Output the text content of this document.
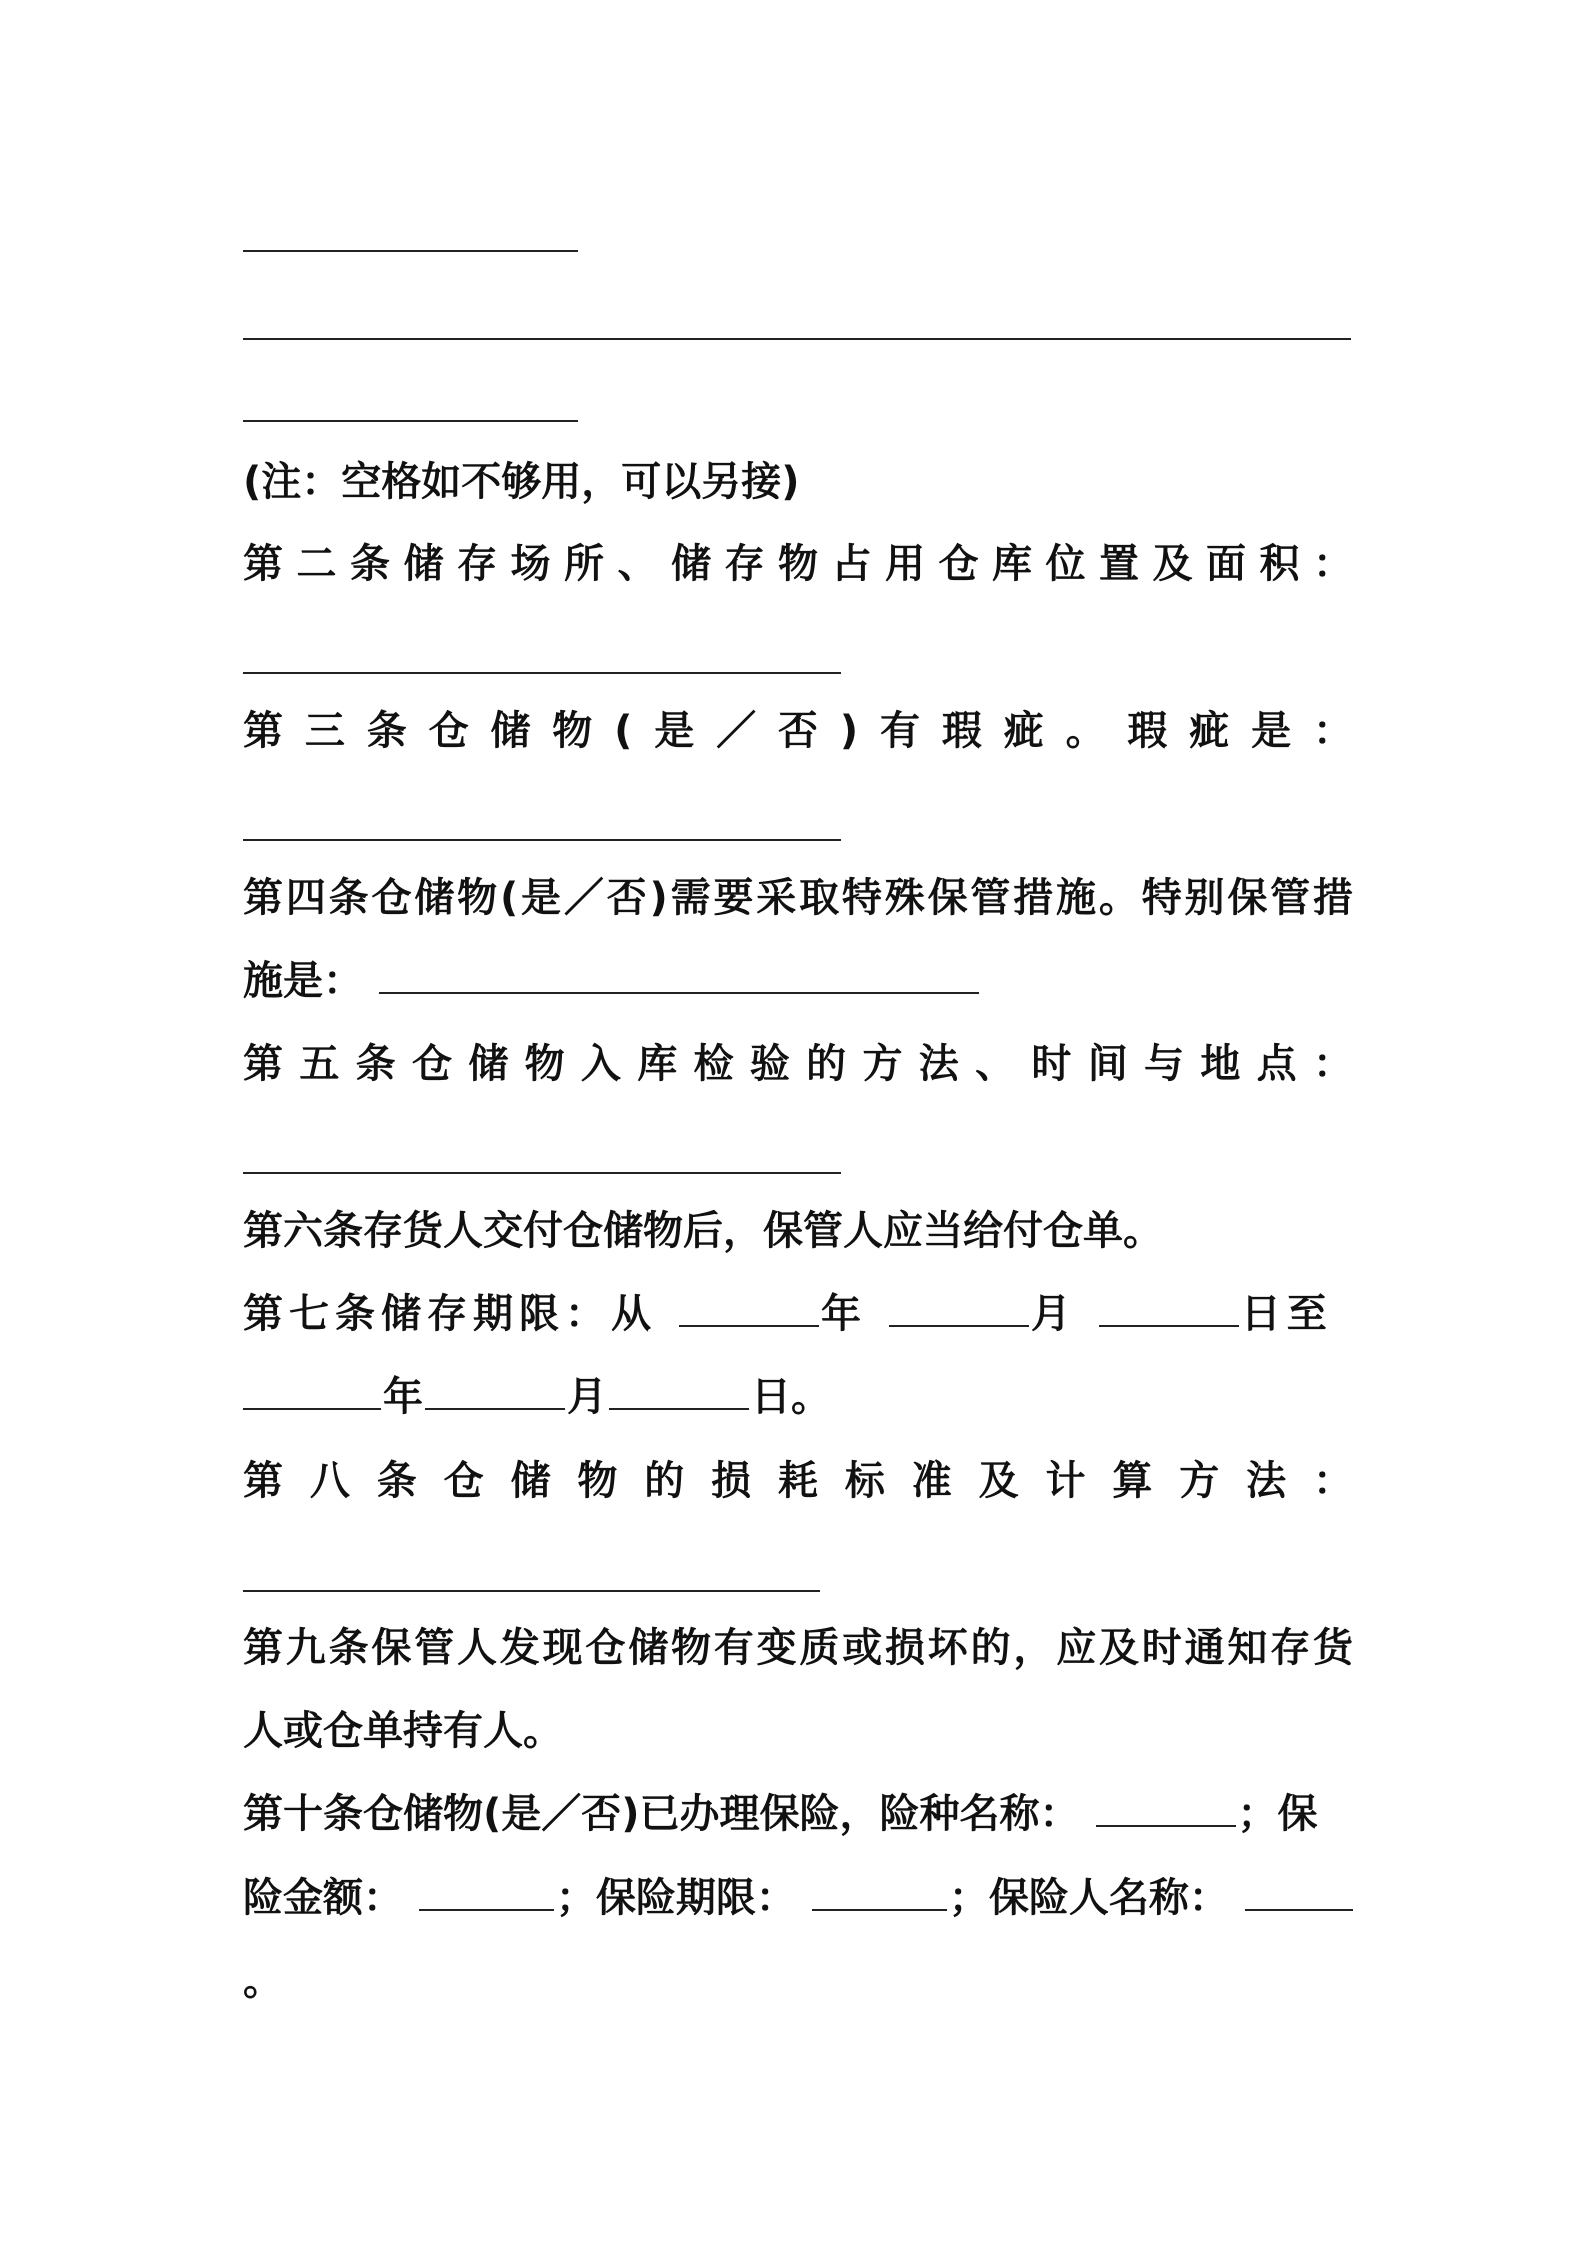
(注：空格如不够用，可以另接)
第二条储存场所、储存物占用仓库位置及面积：
第三条仓储物(是／否)有瑕疵。瑕疵是：
第四条仓储物(是／否)需要采取特殊保管措施。特别保管措
施是：
第五条仓储物入库检验的方法、时间与地点：
第六条存货人交付仓储物后，保管人应当给付仓单。
第七条储存期限：从	年	月	日至
年	月	日。
第八条仓储物的损耗标准及计算方法：
第九条保管人发现仓储物有变质或损坏的，应及时通知存货
人或仓单持有人。
第十条仓储物(是／否)已办理保险，险种名称：	；保
险金额：	；保险期限：	；保险人名称：
。
